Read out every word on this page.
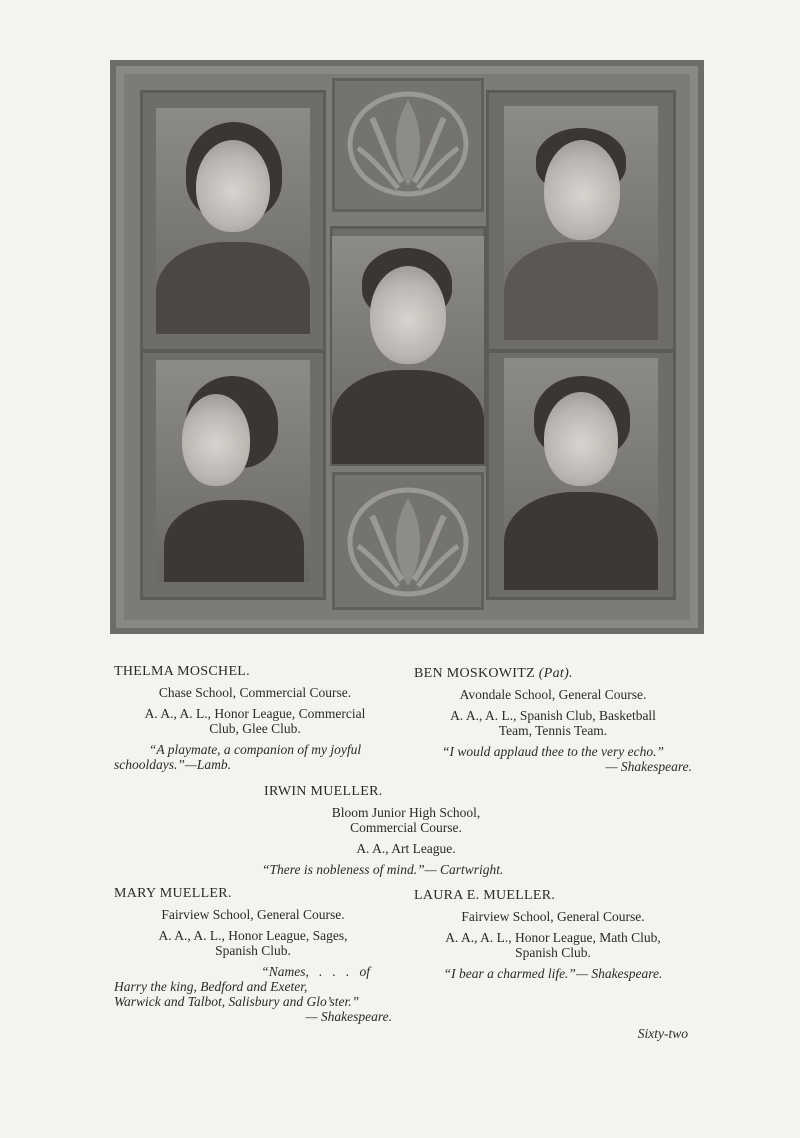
THELMA MOSCHEL.
Chase School, Commercial Course.
A. A., A. L., Honor League, Commercial
Club, Glee Club.
“A playmate, a companion of my joyful
schooldays.”—Lamb.
BEN MOSKOWITZ (Pat).
Avondale School, General Course.
A. A., A. L., Spanish Club, Basketball
Team, Tennis Team.
“I would applaud thee to the very echo.”
— Shakespeare.
IRWIN MUELLER.
Bloom Junior High School,
Commercial Course.
A. A., Art League.
“There is nobleness of mind.”— Cartwright.
MARY MUELLER.
Fairview School, General Course.
A. A., A. L., Honor League, Sages,
Spanish Club.
“Names,   .   .   .   of
Harry the king, Bedford and Exeter,
Warwick and Talbot, Salisbury and Glo’ster.”
— Shakespeare.
LAURA E. MUELLER.
Fairview School, General Course.
A. A., A. L., Honor League, Math Club,
Spanish Club.
“I bear a charmed life.”— Shakespeare.
Sixty-two
